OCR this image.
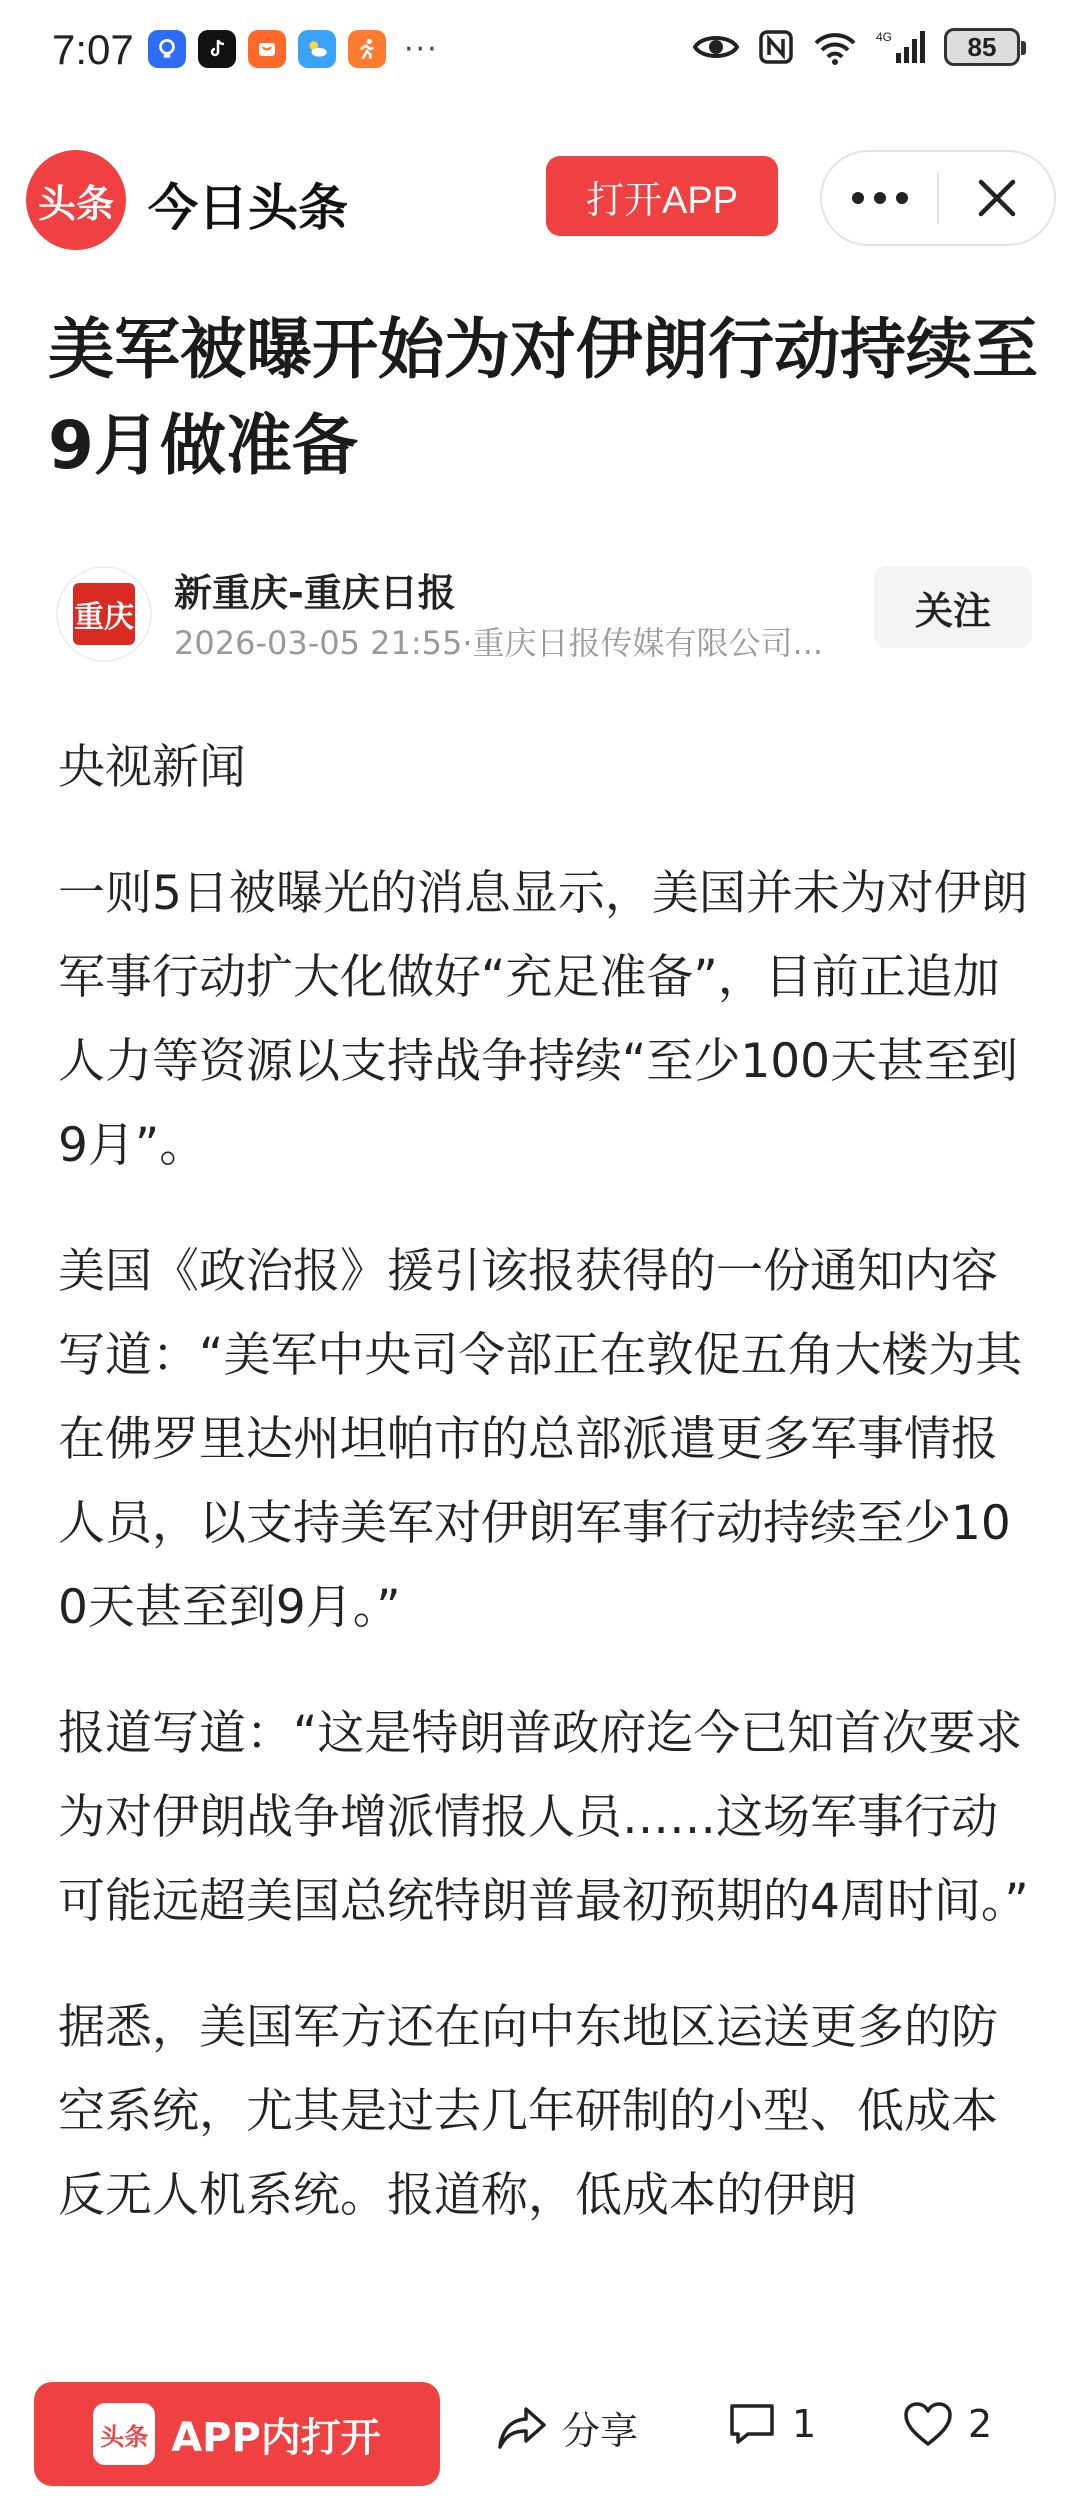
7:07	···	4G	85
头条 今日头条	打开APP
美军被曝开始为对伊朗行动持续至9月做准备
重庆
新重庆-重庆日报
2026-03-05 21:55·重庆日报传媒有限公司...
关注

央视新闻

一则5日被曝光的消息显示，美国并未为对伊朗军事行动扩大化做好“充足准备”，目前正追加人力等资源以支持战争持续“至少100天甚至到9月”。

美国《政治报》援引该报获得的一份通知内容写道：“美军中央司令部正在敦促五角大楼为其在佛罗里达州坦帕市的总部派遣更多军事情报人员，以支持美军对伊朗军事行动持续至少100天甚至到9月。”

报道写道：“这是特朗普政府迄今已知首次要求为对伊朗战争增派情报人员……这场军事行动可能远超美国总统特朗普最初预期的4周时间。”

据悉，美国军方还在向中东地区运送更多的防空系统，尤其是过去几年研制的小型、低成本反无人机系统。报道称，低成本的伊朗

头条 APP内打开	分享	1	2
